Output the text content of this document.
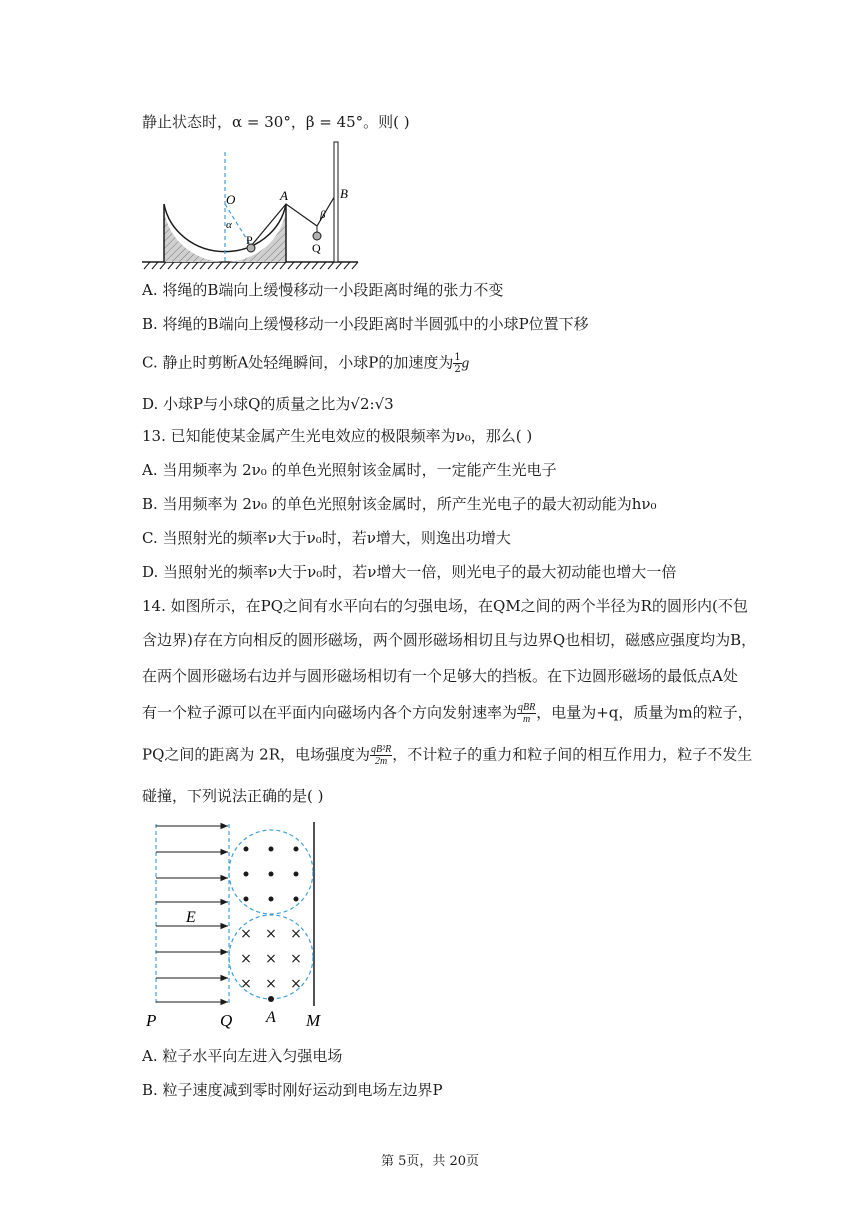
静止状态时，α = 30°，β = 45°。则( )
O
α
A
P
β
Q
B
A. 将绳的B端向上缓慢移动一小段距离时绳的张力不变
B. 将绳的B端向上缓慢移动一小段距离时半圆弧中的小球P位置下移
C. 静止时剪断A处轻绳瞬间，小球P的加速度为 $\frac{1}{2}$ g
D. 小球P与小球Q的质量之比为√2:√3
13. 已知能使某金属产生光电效应的极限频率为ν₀，那么( )
A. 当用频率为 2ν₀ 的单色光照射该金属时，一定能产生光电子
B. 当用频率为 2ν₀ 的单色光照射该金属时，所产生光电子的最大初动能为hν₀
C. 当照射光的频率ν大于ν₀时，若ν增大，则逸出功增大
D. 当照射光的频率ν大于ν₀时，若ν增大一倍，则光电子的最大初动能也增大一倍
14. 如图所示，在PQ之间有水平向右的匀强电场，在QM之间的两个半径为R的圆形内(不包
含边界)存在方向相反的圆形磁场，两个圆形磁场相切且与边界Q也相切，磁感应强度均为B，
在两个圆形磁场右边并与圆形磁场相切有一个足够大的挡板。在下边圆形磁场的最低点A处
有一个粒子源可以在平面内向磁场内各个方向发射速率为 $\frac{\text{qBR}}{m}$ ，电量为+q，质量为m的粒子，
PQ之间的距离为 2R，电场强度为 $\frac{\text{qB²R}}{2m}$ ，不计粒子的重力和粒子间的相互作用力，粒子不发生
碰撞，下列说法正确的是( )
× × ×
× × ×
× × ×
E
P	Q A M
A. 粒子水平向左进入匀强电场
B. 粒子速度减到零时刚好运动到电场左边界P
第 5页，共 20页
